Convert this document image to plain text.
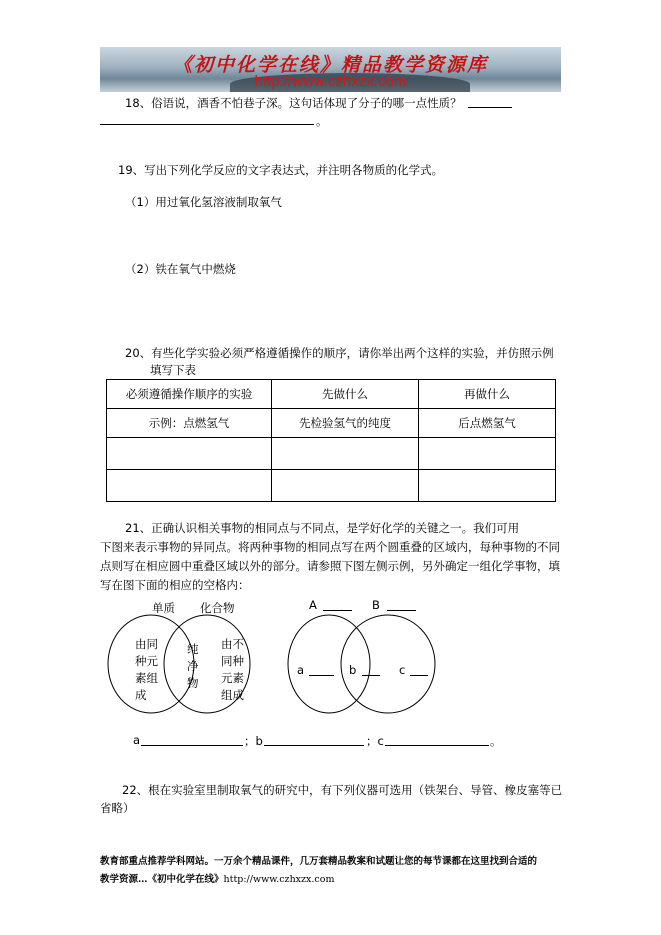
《初中化学在线》精品教学资源库
http://www.czhxzx.com
18、俗语说，酒香不怕巷子深。这句话体现了分子的哪一点性质？
。
19、写出下列化学反应的文字表达式，并注明各物质的化学式。
（1）用过氧化氢溶液制取氧气
（2）铁在氧气中燃烧
20、有些化学实验必须严格遵循操作的顺序，请你举出两个这样的实验，并仿照示例
填写下表
必须遵循操作顺序的实验	先做什么	再做什么
示例：点燃氢气	先检验氢气的纯度	后点燃氢气

21、正确认识相关事物的相同点与不同点，是学好化学的关键之一。我们可用
下图来表示事物的异同点。将两种事物的相同点写在两个圆重叠的区域内，每种事物的不同
点则写在相应圆中重叠区域以外的部分。请参照下图左侧示例，另外确定一组化学事物，填
写在图下面的相应的空格内：
单质 化合物
由同
种元
素组
成
纯
净
物
由不
同种
元素
组成
A	B
a	b	c
a	；b	；c	。
22、根在实验室里制取氧气的研究中，有下列仪器可选用（铁架台、导管、橡皮塞等已
省略）
教育部重点推荐学科网站。一万余个精品课件，几万套精品教案和试题让您的每节课都在这里找到合适的
教学资源…《初中化学在线》http://www.czhxzx.com
